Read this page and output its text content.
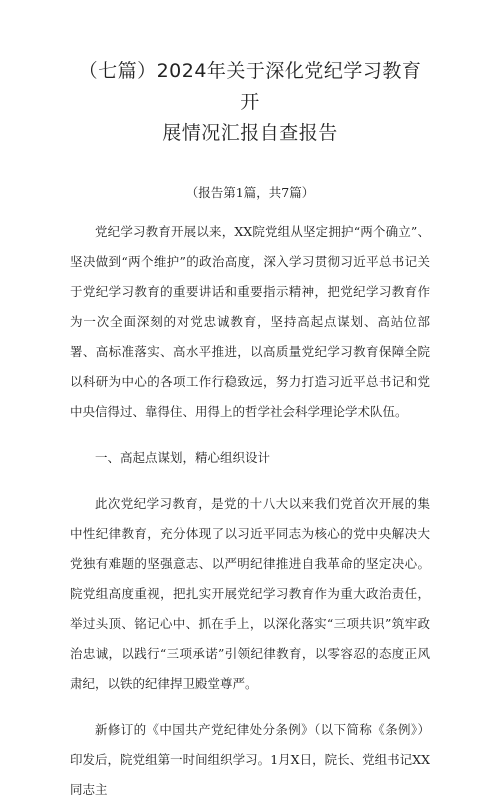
（七篇）2024年关于深化党纪学习教育开
展情况汇报自查报告

（报告第1篇，共7篇）

党纪学习教育开展以来，XX院党组从坚定拥护“两个确立”、坚决做到“两个维护”的政治高度，深入学习贯彻习近平总书记关于党纪学习教育的重要讲话和重要指示精神，把党纪学习教育作为一次全面深刻的对党忠诚教育，坚持高起点谋划、高站位部署、高标准落实、高水平推进，以高质量党纪学习教育保障全院以科研为中心的各项工作行稳致远，努力打造习近平总书记和党中央信得过、靠得住、用得上的哲学社会科学理论学术队伍。

一、高起点谋划，精心组织设计

此次党纪学习教育，是党的十八大以来我们党首次开展的集中性纪律教育，充分体现了以习近平同志为核心的党中央解决大党独有难题的坚强意志、以严明纪律推进自我革命的坚定决心。院党组高度重视，把扎实开展党纪学习教育作为重大政治责任，举过头顶、铭记心中、抓在手上，以深化落实“三项共识”筑牢政治忠诚，以践行“三项承诺”引领纪律教育，以零容忍的态度正风肃纪，以铁的纪律捍卫殿堂尊严。

新修订的《中国共产党纪律处分条例》（以下简称《条例》）印发后，院党组第一时间组织学习。1月X日，院长、党组书记XX同志主
